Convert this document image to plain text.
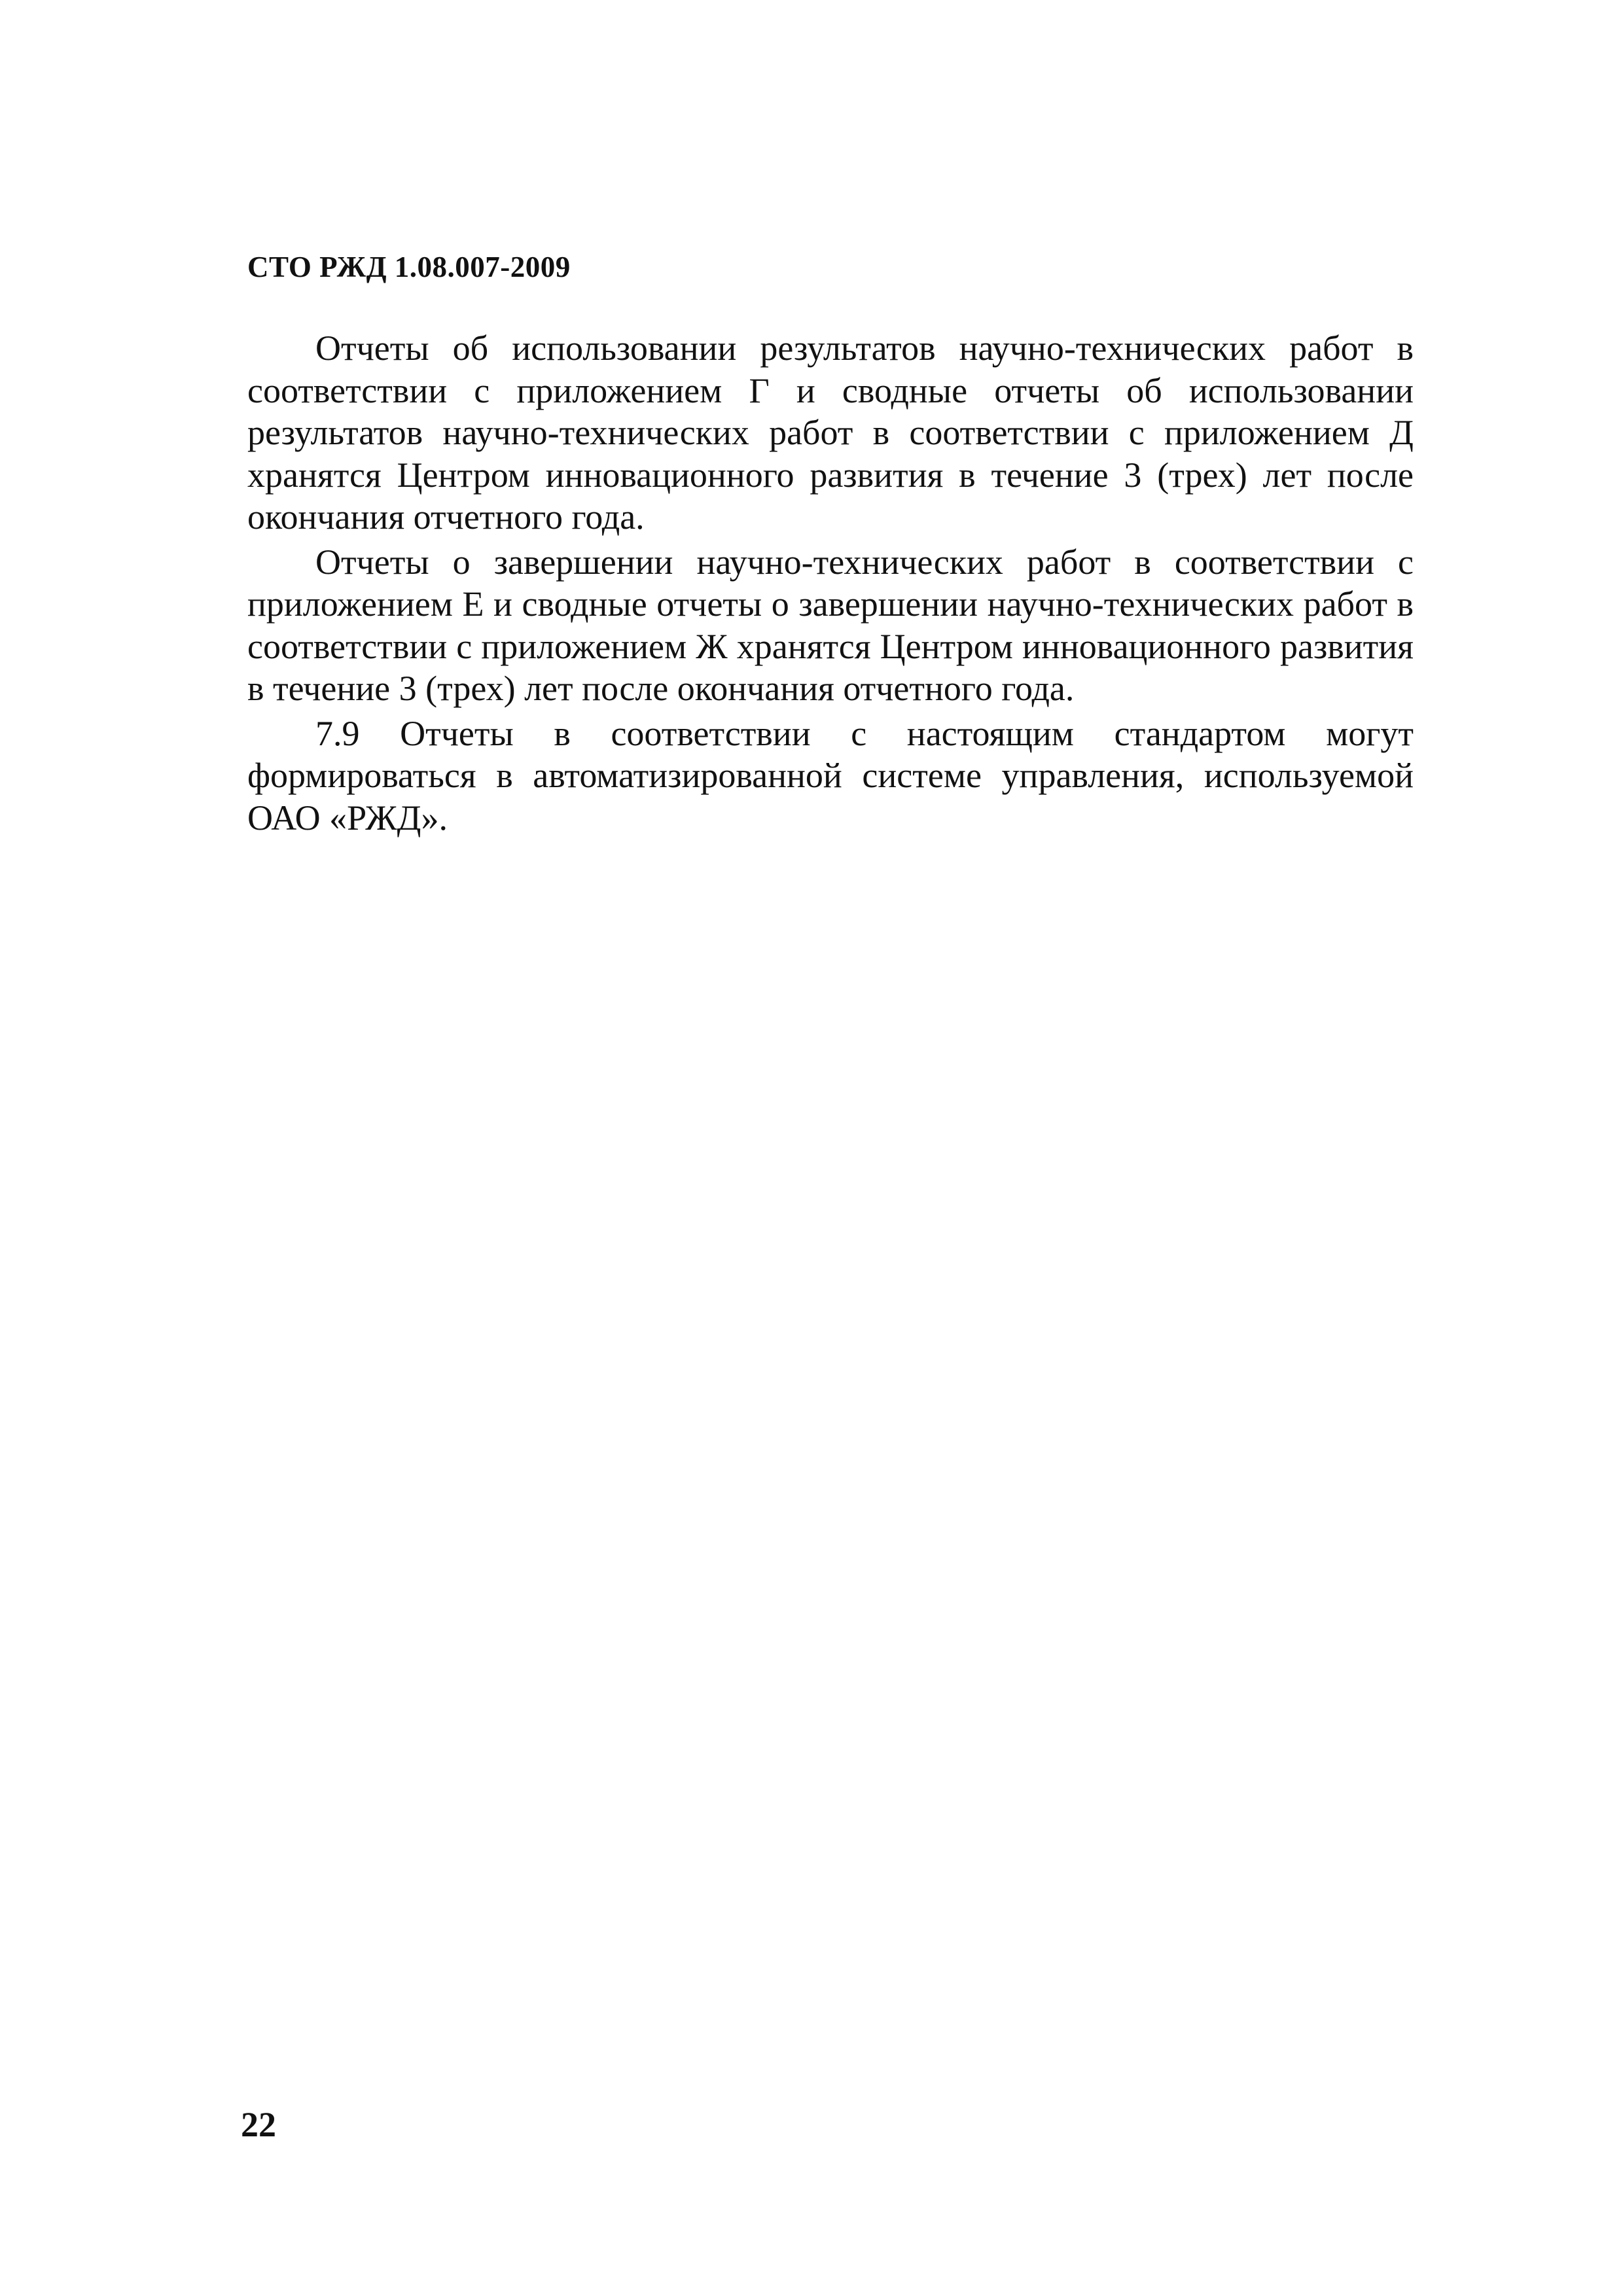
СТО РЖД 1.08.007-2009

Отчеты об использовании результатов научно-технических работ в соответствии с приложением Г и сводные отчеты об использовании результатов научно-технических работ в соответствии с приложением Д хранятся Центром инновационного развития в течение 3 (трех) лет после окончания отчетного года.

Отчеты о завершении научно-технических работ в соответствии с приложением Е и сводные отчеты о завершении научно-технических работ в соответствии с приложением Ж хранятся Центром инновационного развития в течение 3 (трех) лет после окончания отчетного года.

7.9 Отчеты в соответствии с настоящим стандартом могут формироваться в автоматизированной системе управления, используемой ОАО «РЖД».

22
